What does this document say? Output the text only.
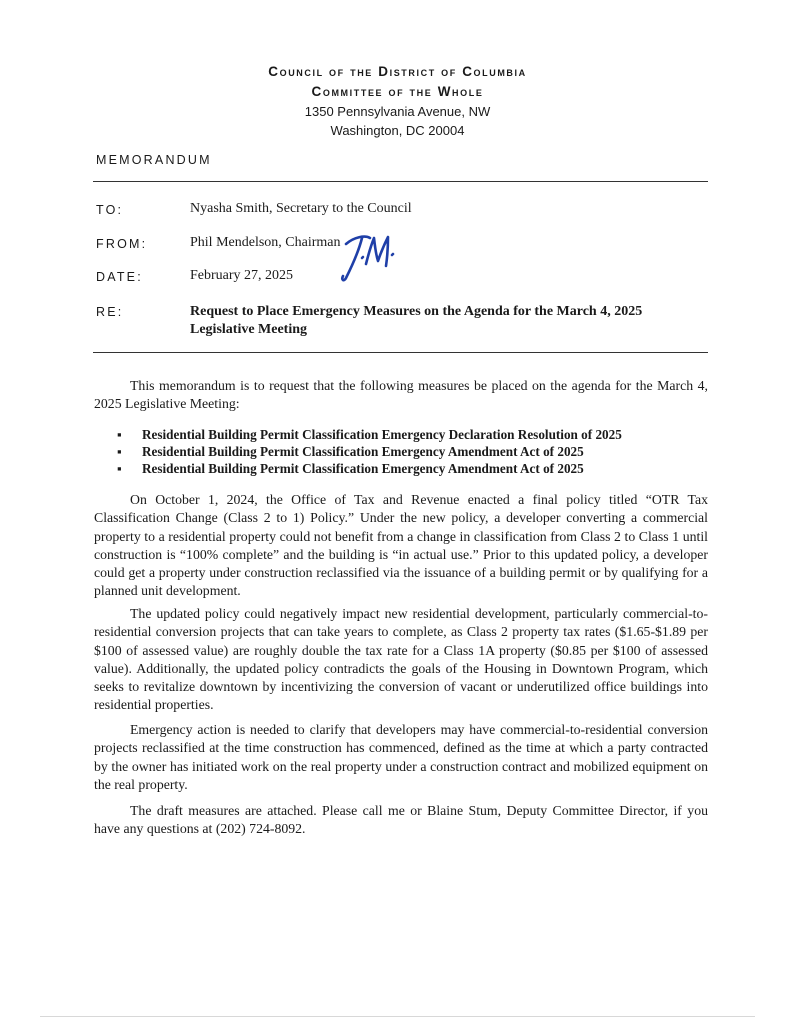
Council of the District of Columbia
Committee of the Whole
1350 Pennsylvania Avenue, NW
Washington, DC 20004
MEMORANDUM
TO:	Nyasha Smith, Secretary to the Council
FROM:	Phil Mendelson, Chairman
DATE:	February 27, 2025
RE:	Request to Place Emergency Measures on the Agenda for the March 4, 2025 Legislative Meeting

This memorandum is to request that the following measures be placed on the agenda for the March 4, 2025 Legislative Meeting:

▪ Residential Building Permit Classification Emergency Declaration Resolution of 2025
▪ Residential Building Permit Classification Emergency Amendment Act of 2025
▪ Residential Building Permit Classification Emergency Amendment Act of 2025

On October 1, 2024, the Office of Tax and Revenue enacted a final policy titled “OTR Tax Classification Change (Class 2 to 1) Policy.” Under the new policy, a developer converting a commercial property to a residential property could not benefit from a change in classification from Class 2 to Class 1 until construction is “100% complete” and the building is “in actual use.” Prior to this updated policy, a developer could get a property under construction reclassified via the issuance of a building permit or by qualifying for a planned unit development.

The updated policy could negatively impact new residential development, particularly commercial-to-residential conversion projects that can take years to complete, as Class 2 property tax rates ($1.65-$1.89 per $100 of assessed value) are roughly double the tax rate for a Class 1A property ($0.85 per $100 of assessed value). Additionally, the updated policy contradicts the goals of the Housing in Downtown Program, which seeks to revitalize downtown by incentivizing the conversion of vacant or underutilized office buildings into residential properties.

Emergency action is needed to clarify that developers may have commercial-to-residential conversion projects reclassified at the time construction has commenced, defined as the time at which a party contracted by the owner has initiated work on the real property under a construction contract and mobilized equipment on the real property.

The draft measures are attached. Please call me or Blaine Stum, Deputy Committee Director, if you have any questions at (202) 724-8092.
